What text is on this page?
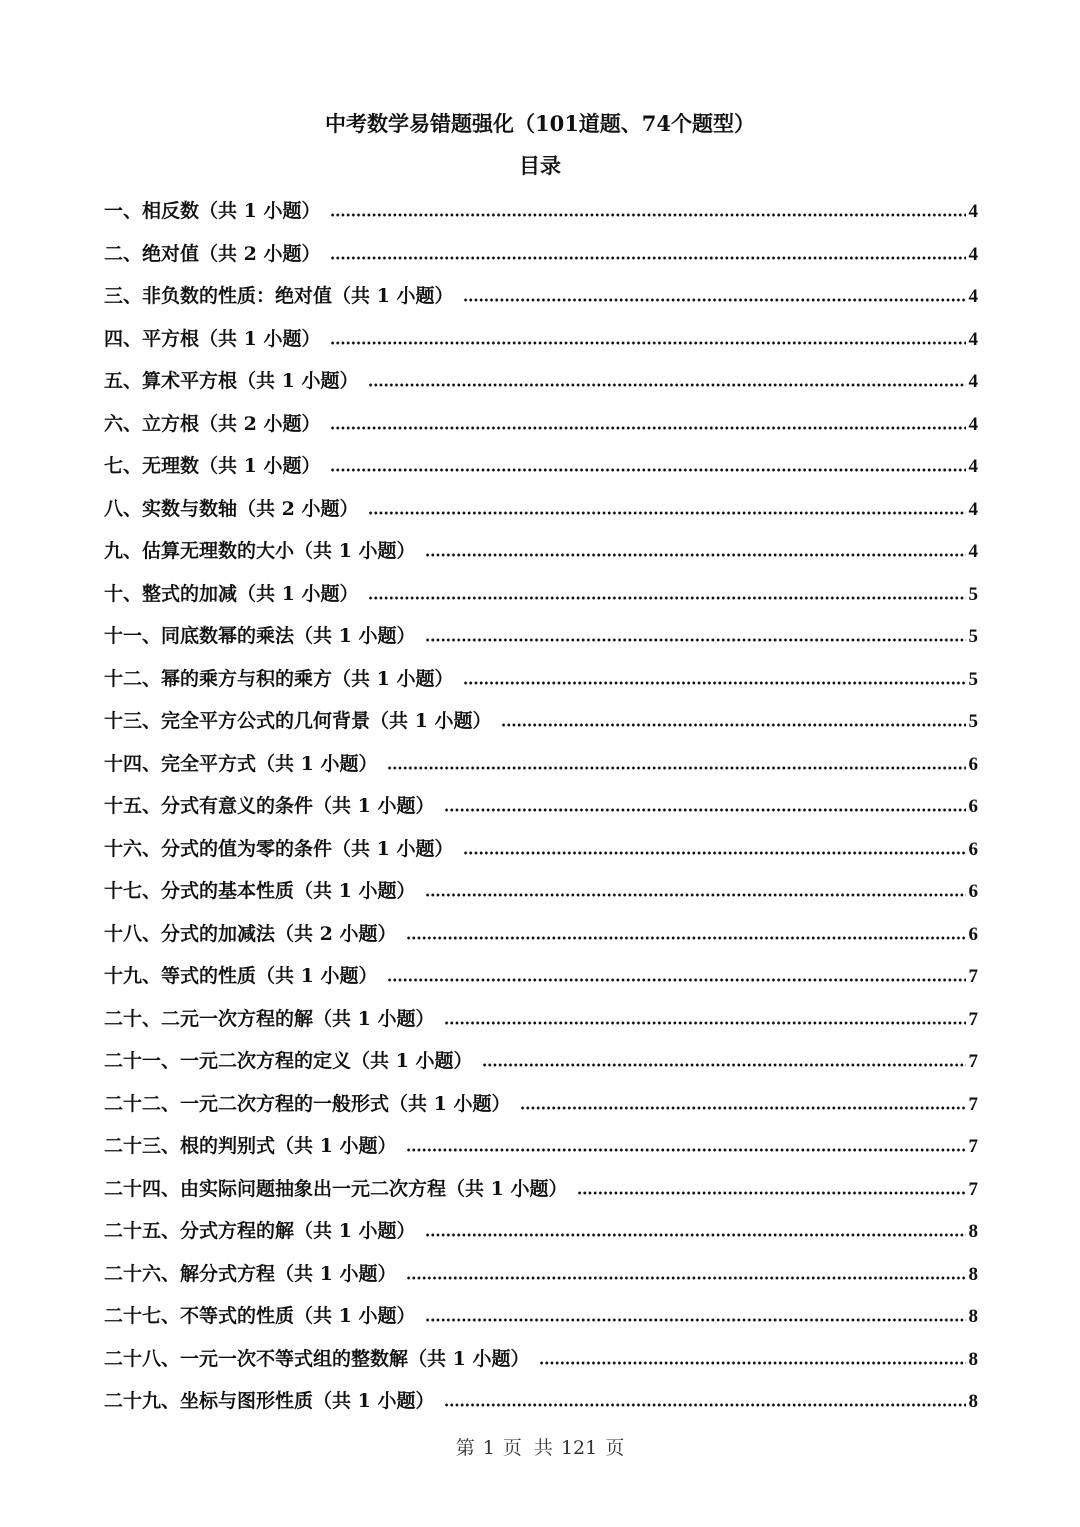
中考数学易错题强化（101道题、74个题型）
目录
一、相反数（共 1 小题）	4
二、绝对值（共 2 小题）	4
三、非负数的性质：绝对值（共 1 小题）	4
四、平方根（共 1 小题）	4
五、算术平方根（共 1 小题）	4
六、立方根（共 2 小题）	4
七、无理数（共 1 小题）	4
八、实数与数轴（共 2 小题）	4
九、估算无理数的大小（共 1 小题）	4
十、整式的加减（共 1 小题）	5
十一、同底数幂的乘法（共 1 小题）	5
十二、幂的乘方与积的乘方（共 1 小题）	5
十三、完全平方公式的几何背景（共 1 小题）	5
十四、完全平方式（共 1 小题）	6
十五、分式有意义的条件（共 1 小题）	6
十六、分式的值为零的条件（共 1 小题）	6
十七、分式的基本性质（共 1 小题）	6
十八、分式的加减法（共 2 小题）	6
十九、等式的性质（共 1 小题）	7
二十、二元一次方程的解（共 1 小题）	7
二十一、一元二次方程的定义（共 1 小题）	7
二十二、一元二次方程的一般形式（共 1 小题）	7
二十三、根的判别式（共 1 小题）	7
二十四、由实际问题抽象出一元二次方程（共 1 小题）	7
二十五、分式方程的解（共 1 小题）	8
二十六、解分式方程（共 1 小题）	8
二十七、不等式的性质（共 1 小题）	8
二十八、一元一次不等式组的整数解（共 1 小题）	8
二十九、坐标与图形性质（共 1 小题）	8
第 1 页 共 121 页
